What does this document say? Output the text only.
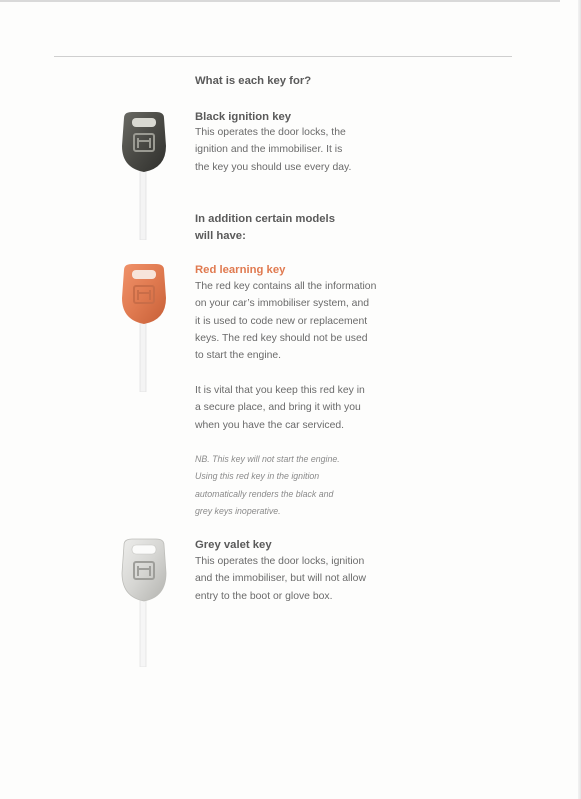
What is each key for?
Black ignition key

This operates the door locks, the
ignition and the immobiliser. It is
the key you should use every day.

In addition certain models
will have:

Red learning key

The red key contains all the information
on your car’s immobiliser system, and
it is used to code new or replacement
keys. The red key should not be used
to start the engine.

It is vital that you keep this red key in
a secure place, and bring it with you
when you have the car serviced.

NB. This key will not start the engine.
Using this red key in the ignition
automatically renders the black and
grey keys inoperative.

Grey valet key

This operates the door locks, ignition
and the immobiliser, but will not allow
entry to the boot or glove box.
